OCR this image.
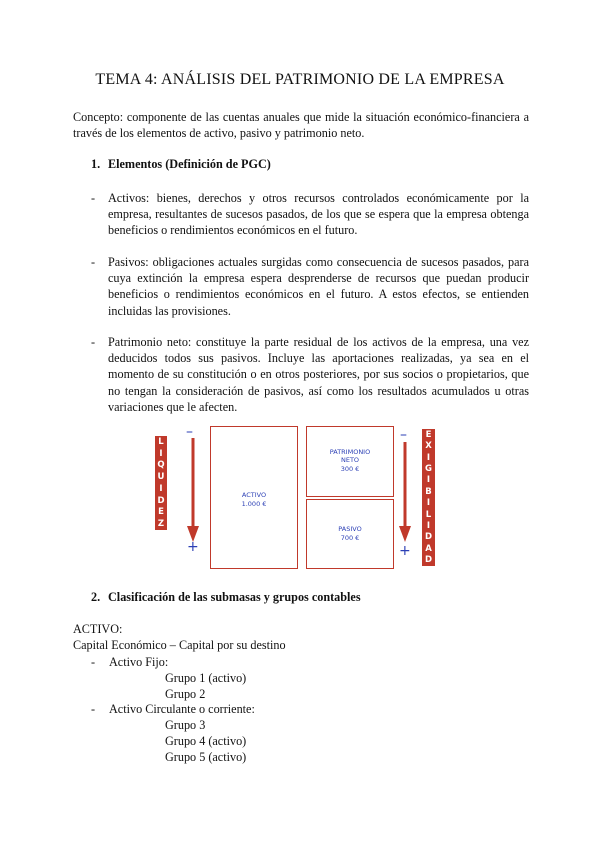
TEMA 4: ANÁLISIS DEL PATRIMONIO DE LA EMPRESA
Concepto: componente de las cuentas anuales que mide la situación económico-financiera a
través de los elementos de activo, pasivo y patrimonio neto.
1. Elementos (Definición de PGC)
- Activos: bienes, derechos y otros recursos controlados económicamente por la
empresa, resultantes de sucesos pasados, de los que se espera que la empresa obtenga
beneficios o rendimientos económicos en el futuro.
- Pasivos: obligaciones actuales surgidas como consecuencia de sucesos pasados, para
cuya extinción la empresa espera desprenderse de recursos que puedan producir
beneficios o rendimientos económicos en el futuro. A estos efectos, se entienden
incluidas las provisiones.
- Patrimonio neto: constituye la parte residual de los activos de la empresa, una vez
deducidos todos sus pasivos. Incluye las aportaciones realizadas, ya sea en el
momento de su constitución o en otros posteriores, por sus socios o propietarios, que
no tengan la consideración de pasivos, así como los resultados acumulados u otras
variaciones que le afecten.
L
I
Q
U
I
D
E
Z
–
+
ACTIVO
1.000 €
PATRIMONIO
NETO
300 €
PASIVO
700 €
–
+
E
X
I
G
I
B
I
L
I
D
A
D
2. Clasificación de las submasas y grupos contables
ACTIVO:
Capital Económico – Capital por su destino
- Activo Fijo:
Grupo 1 (activo)
Grupo 2
- Activo Circulante o corriente:
Grupo 3
Grupo 4 (activo)
Grupo 5 (activo)
